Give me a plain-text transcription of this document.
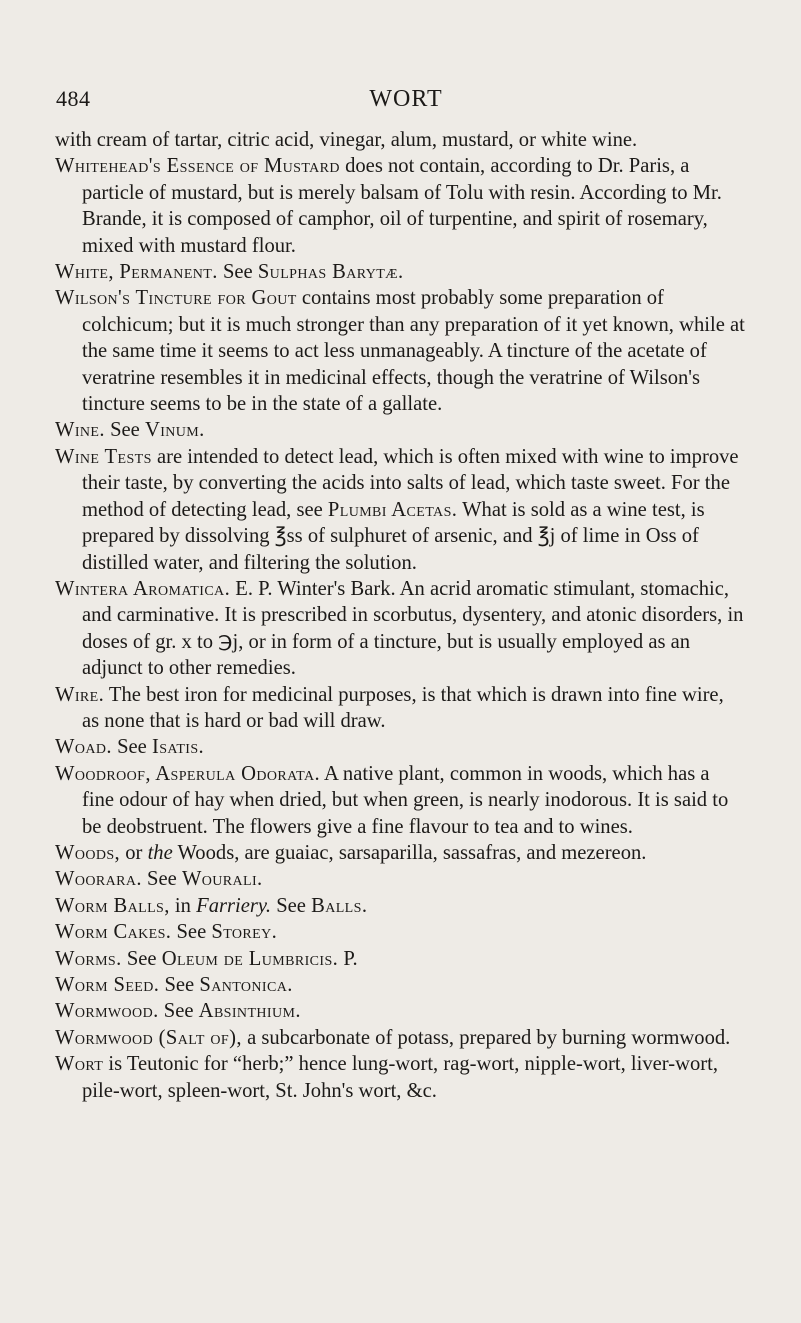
484	WORT

with cream of tartar, citric acid, vinegar, alum, mustard, or white wine.

Whitehead's Essence of Mustard does not contain, according to Dr. Paris, a particle of mustard, but is merely balsam of Tolu with resin. According to Mr. Brande, it is composed of camphor, oil of turpentine, and spirit of rosemary, mixed with mustard flour.

White, Permanent. See Sulphas Barytæ.

Wilson's Tincture for Gout contains most probably some preparation of colchicum; but it is much stronger than any preparation of it yet known, while at the same time it seems to act less unmanageably. A tincture of the acetate of veratrine resembles it in medicinal effects, though the veratrine of Wilson's tincture seems to be in the state of a gallate.

Wine. See Vinum.

Wine Tests are intended to detect lead, which is often mixed with wine to improve their taste, by converting the acids into salts of lead, which taste sweet. For the method of detecting lead, see Plumbi Acetas. What is sold as a wine test, is prepared by dissolving ℥ss of sulphuret of arsenic, and ℥j of lime in Oss of distilled water, and filtering the solution.

Wintera Aromatica. E. P. Winter's Bark. An acrid aromatic stimulant, stomachic, and carminative. It is prescribed in scorbutus, dysentery, and atonic disorders, in doses of gr. x to ℈j, or in form of a tincture, but is usually employed as an adjunct to other remedies.

Wire. The best iron for medicinal purposes, is that which is drawn into fine wire, as none that is hard or bad will draw.

Woad. See Isatis.

Woodroof, Asperula Odorata. A native plant, common in woods, which has a fine odour of hay when dried, but when green, is nearly inodorous. It is said to be deobstruent. The flowers give a fine flavour to tea and to wines.

Woods, or the Woods, are guaiac, sarsaparilla, sassafras, and mezereon.

Woorara. See Wourali.

Worm Balls, in Farriery. See Balls.

Worm Cakes. See Storey.

Worms. See Oleum de Lumbricis. P.

Worm Seed. See Santonica.

Wormwood. See Absinthium.

Wormwood (Salt of), a subcarbonate of potass, prepared by burning wormwood.

Wort is Teutonic for “herb;” hence lung-wort, rag-wort, nipple-wort, liver-wort, pile-wort, spleen-wort, St. John's wort, &c.
